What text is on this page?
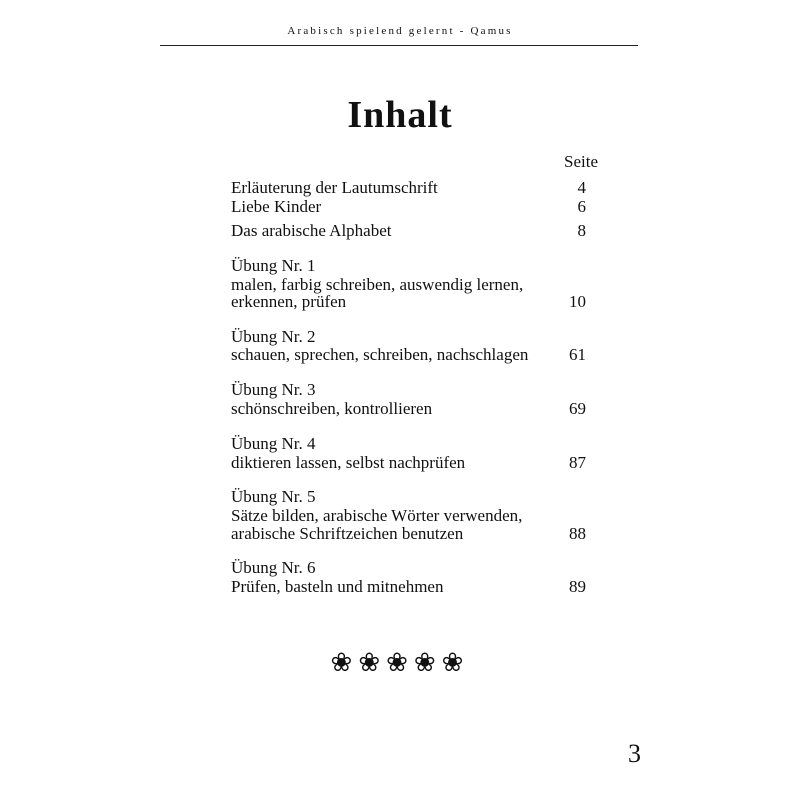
Arabisch spielend gelernt - Qamus
Inhalt
Seite
Erläuterung der Lautumschrift	4
Liebe Kinder	6
Das arabische Alphabet	8
Übung Nr. 1
malen, farbig schreiben, auswendig lernen,
erkennen, prüfen	10
Übung Nr. 2
schauen, sprechen, schreiben, nachschlagen 61
Übung Nr. 3
schönschreiben, kontrollieren	69
Übung Nr. 4
diktieren lassen, selbst nachprüfen	87
Übung Nr. 5
Sätze bilden, arabische Wörter verwenden,
arabische Schriftzeichen benutzen	88
Übung Nr. 6
Prüfen, basteln und mitnehmen	89
❀❀❀❀❀
3
